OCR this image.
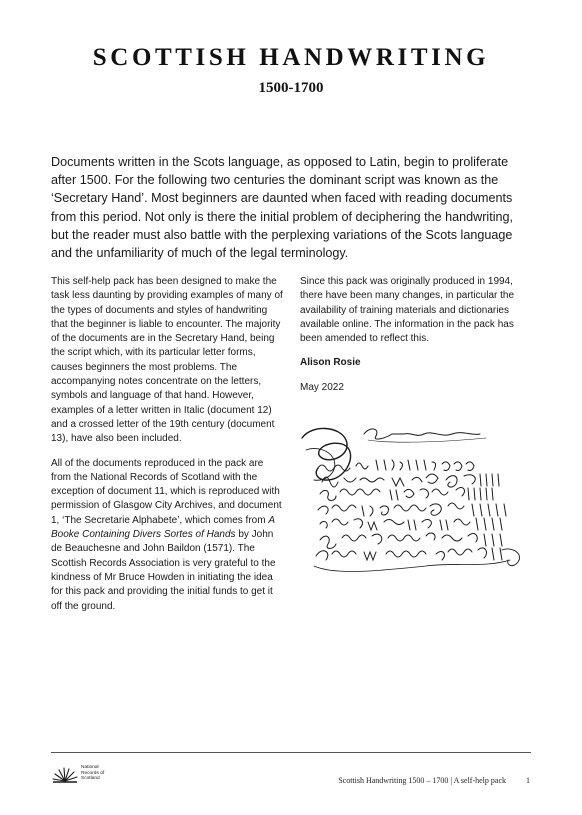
SCOTTISH HANDWRITING
1500-1700

Documents written in the Scots language, as opposed to Latin, begin to proliferate after 1500. For the following two centuries the dominant script was known as the ‘Secretary Hand’. Most beginners are daunted when faced with reading documents from this period. Not only is there the initial problem of deciphering the handwriting, but the reader must also battle with the perplexing variations of the Scots language and the unfamiliarity of much of the legal terminology.

This self-help pack has been designed to make the task less daunting by providing examples of many of the types of documents and styles of handwriting that the beginner is liable to encounter. The majority of the documents are in the Secretary Hand, being the script which, with its particular letter forms, causes beginners the most problems. The accompanying notes concentrate on the letters, symbols and language of that hand. However, examples of a letter written in Italic (document 12) and a crossed letter of the 19th century (document 13), have also been included.

All of the documents reproduced in the pack are from the National Records of Scotland with the exception of document 11, which is reproduced with permission of Glasgow City Archives, and document 1, ‘The Secretarie Alphabete’, which comes from A Booke Containing Divers Sortes of Hands by John de Beauchesne and John Baildon (1571). The Scottish Records Association is very grateful to the kindness of Mr Bruce Howden in initiating the idea for this pack and providing the initial funds to get it off the ground.

Since this pack was originally produced in 1994, there have been many changes, in particular the availability of training materials and dictionaries available online. The information in the pack has been amended to reflect this.

Alison Rosie

May 2022

National
Records of
Scotland	Scottish Handwriting 1500 – 1700 | A self-help pack	1
